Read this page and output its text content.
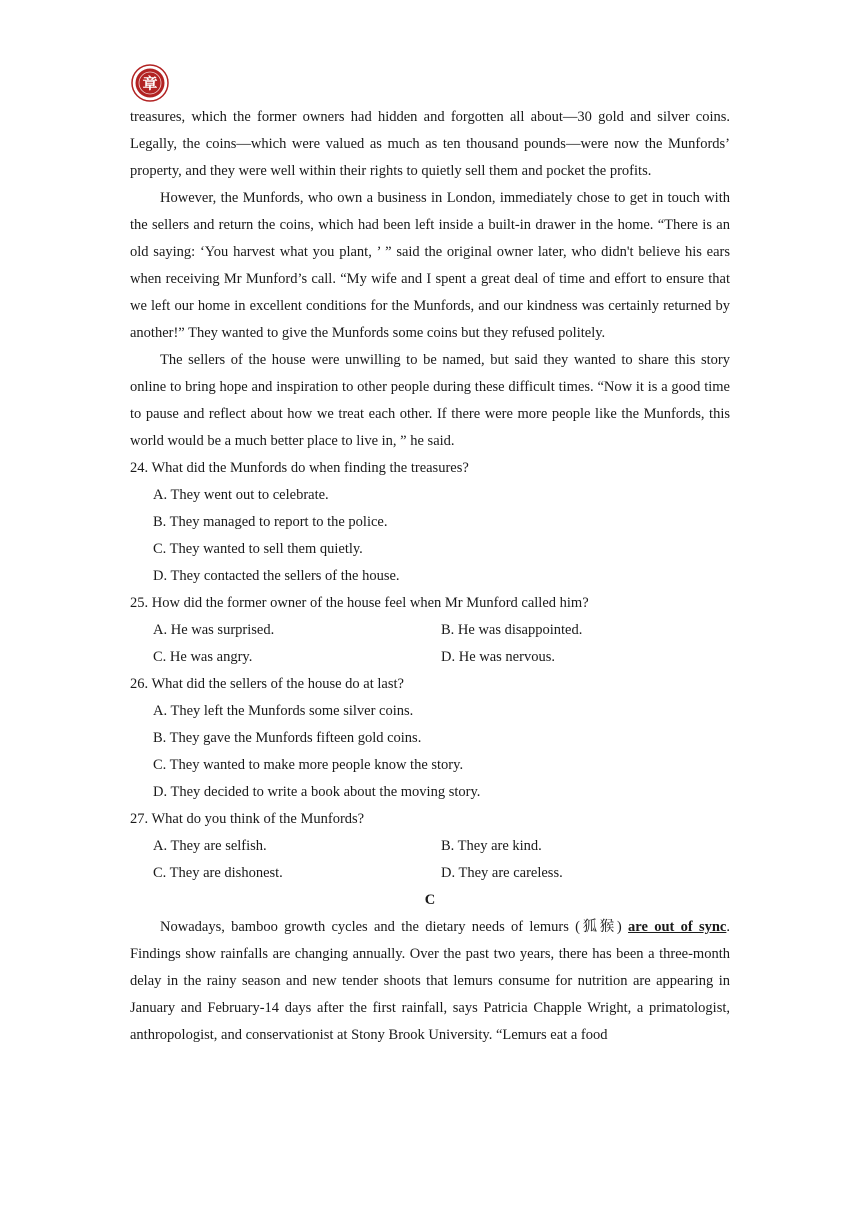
章

treasures, which the former owners had hidden and forgotten all about—30 gold and silver coins. Legally, the coins—which were valued as much as ten thousand pounds—were now the Munfords’ property, and they were well within their rights to quietly sell them and pocket the profits.

However, the Munfords, who own a business in London, immediately chose to get in touch with the sellers and return the coins, which had been left inside a built-in drawer in the home. “There is an old saying: ‘You harvest what you plant, ’ ” said the original owner later, who didn't believe his ears when receiving Mr Munford’s call. “My wife and I spent a great deal of time and effort to ensure that we left our home in excellent conditions for the Munfords, and our kindness was certainly returned by another!” They wanted to give the Munfords some coins but they refused politely.

The sellers of the house were unwilling to be named, but said they wanted to share this story online to bring hope and inspiration to other people during these difficult times. “Now it is a good time to pause and reflect about how we treat each other. If there were more people like the Munfords, this world would be a much better place to live in, ” he said.

24. What did the Munfords do when finding the treasures?
A. They went out to celebrate.
B. They managed to report to the police.
C. They wanted to sell them quietly.
D. They contacted the sellers of the house.
25. How did the former owner of the house feel when Mr Munford called him?
A. He was surprised.	B. He was disappointed.
C. He was angry.	D. He was nervous.
26. What did the sellers of the house do at last?
A. They left the Munfords some silver coins.
B. They gave the Munfords fifteen gold coins.
C. They wanted to make more people know the story.
D. They decided to write a book about the moving story.
27. What do you think of the Munfords?
A. They are selfish.	B. They are kind.
C. They are dishonest.	D. They are careless.
C

Nowadays, bamboo growth cycles and the dietary needs of lemurs (狐猴) are out of sync. Findings show rainfalls are changing annually. Over the past two years, there has been a three-month delay in the rainy season and new tender shoots that lemurs consume for nutrition are appearing in January and February-14 days after the first rainfall, says Patricia Chapple Wright, a primatologist, anthropologist, and conservationist at Stony Brook University. “Lemurs eat a food
